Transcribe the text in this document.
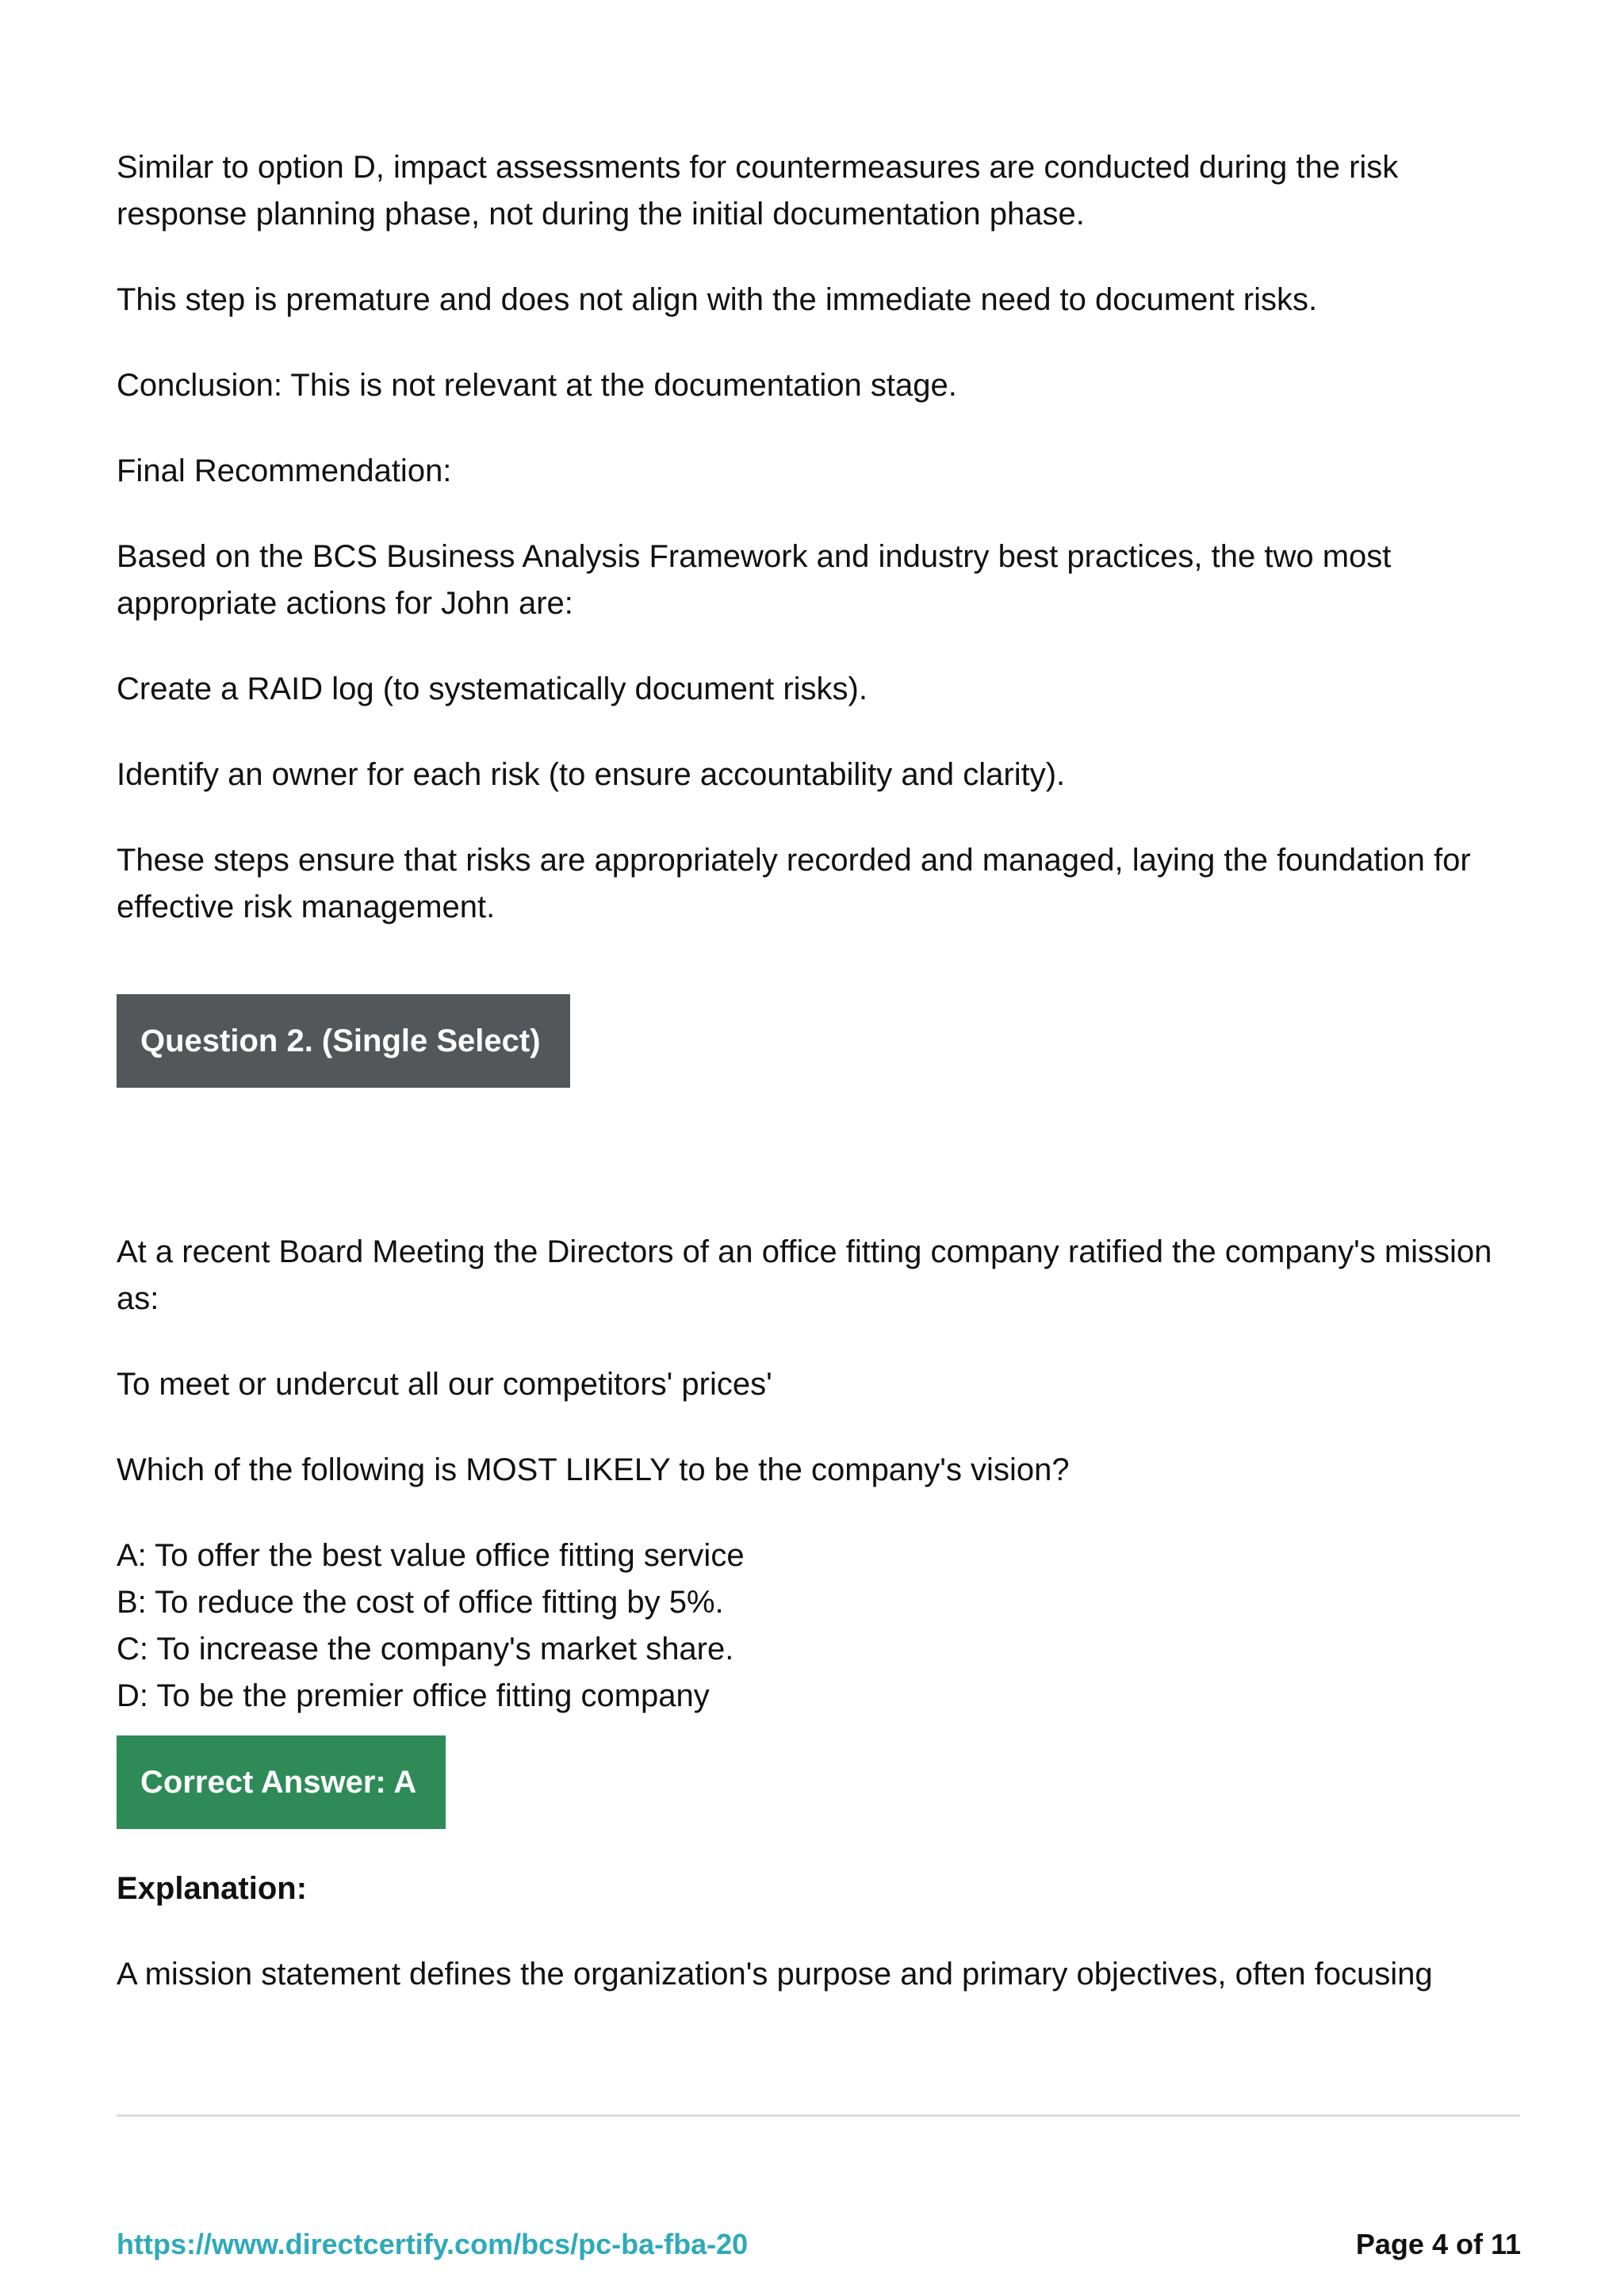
Similar to option D, impact assessments for countermeasures are conducted during the risk response planning phase, not during the initial documentation phase.

This step is premature and does not align with the immediate need to document risks.

Conclusion: This is not relevant at the documentation stage.

Final Recommendation:

Based on the BCS Business Analysis Framework and industry best practices, the two most appropriate actions for John are:

Create a RAID log (to systematically document risks).

Identify an owner for each risk (to ensure accountability and clarity).

These steps ensure that risks are appropriately recorded and managed, laying the foundation for effective risk management.

Question 2. (Single Select)

At a recent Board Meeting the Directors of an office fitting company ratified the company's mission as:

To meet or undercut all our competitors' prices'

Which of the following is MOST LIKELY to be the company's vision?

A: To offer the best value office fitting service

B: To reduce the cost of office fitting by 5%.

C: To increase the company's market share.

D: To be the premier office fitting company

Correct Answer: A

Explanation:

A mission statement defines the organization's purpose and primary objectives, often focusing

https://www.directcertify.com/bcs/pc-ba-fba-20	Page 4 of 11
